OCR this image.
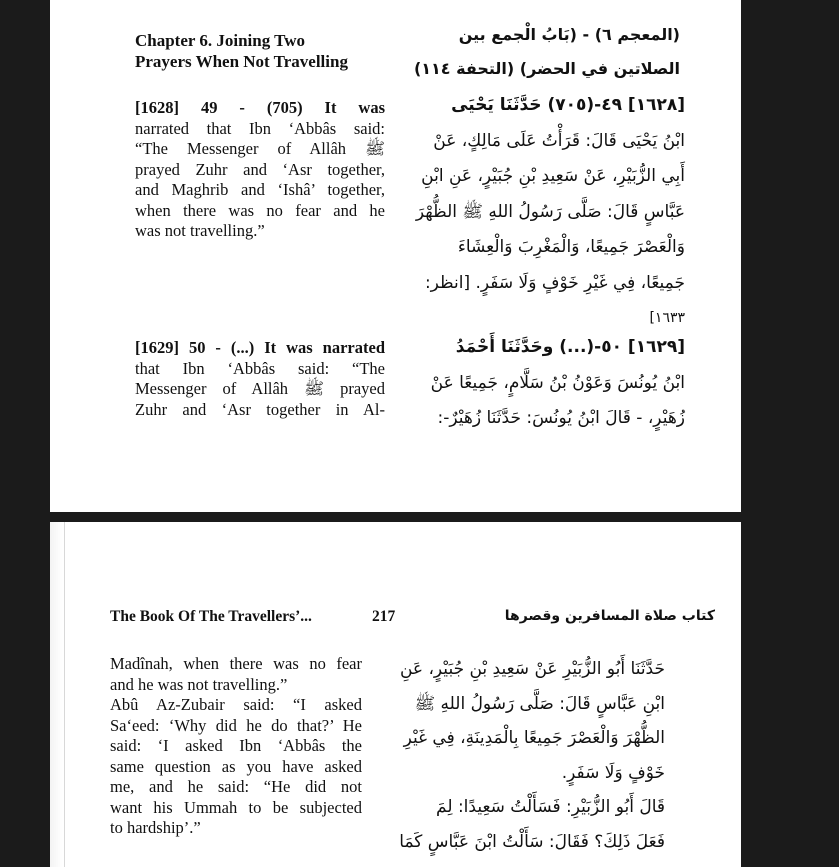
Chapter 6. Joining Two
Prayers When Not Travelling
(المعجم ٦) - (بَابُ الْجمع بين
الصلاتين في الحضر) (التحفة ١١٤)
[1628] 49 - (705) It was
narrated that Ibn ‘Abbâs said:
“The Messenger of Allâh ﷺ
prayed Zuhr and ‘Asr together,
and Maghrib and ‘Ishâ’ together,
when there was no fear and he
was not travelling.”
[١٦٢٨] ٤٩-(٧٠٥) حَدَّثَنَا يَحْيَى
ابْنُ يَحْيَى قَالَ: قَرَأْتُ عَلَى مَالِكٍ، عَنْ
أَبِي الزُّبَيْرِ، عَنْ سَعِيدِ بْنِ جُبَيْرٍ، عَنِ ابْنِ
عَبَّاسٍ قَالَ: صَلَّى رَسُولُ اللهِ ﷺ الظُّهْرَ
وَالْعَصْرَ جَمِيعًا، وَالْمَغْرِبَ وَالْعِشَاءَ
جَمِيعًا، فِي غَيْرِ خَوْفٍ وَلَا سَفَرٍ. [انظر:
١٦٣٣]
[1629] 50 - (...) It was narrated
that Ibn ‘Abbâs said: “The
Messenger of Allâh ﷺ prayed
Zuhr and ‘Asr together in Al-
[١٦٢٩] ٥٠-(...) وحَدَّثَنَا أَحْمَدُ
ابْنُ يُونُسَ وَعَوْنُ بْنُ سَلَّامٍ، جَمِيعًا عَنْ
زُهَيْرٍ، - قَالَ ابْنُ يُونُسَ: حَدَّثَنَا زُهَيْرٌ-:
The Book Of The Travellers’...	217	كتاب صلاة المسافرين وقصرها
Madînah, when there was no fear
and he was not travelling.”
Abû Az-Zubair said: “I asked
Sa‘eed: ‘Why did he do that?’ He
said: ‘I asked Ibn ‘Abbâs the
same question as you have asked
me, and he said: “He did not
want his Ummah to be subjected
to hardship’.”
حَدَّثَنَا أَبُو الزُّبَيْرِ عَنْ سَعِيدِ بْنِ جُبَيْرٍ، عَنِ
ابْنِ عَبَّاسٍ قَالَ: صَلَّى رَسُولُ اللهِ ﷺ
الظُّهْرَ وَالْعَصْرَ جَمِيعًا بِالْمَدِينَةِ، فِي غَيْرِ
خَوْفٍ وَلَا سَفَرٍ.
قَالَ أَبُو الزُّبَيْرِ: فَسَأَلْتُ سَعِيدًا: لِمَ
فَعَلَ ذَلِكَ؟ فَقَالَ: سَأَلْتُ ابْنَ عَبَّاسٍ كَمَا
